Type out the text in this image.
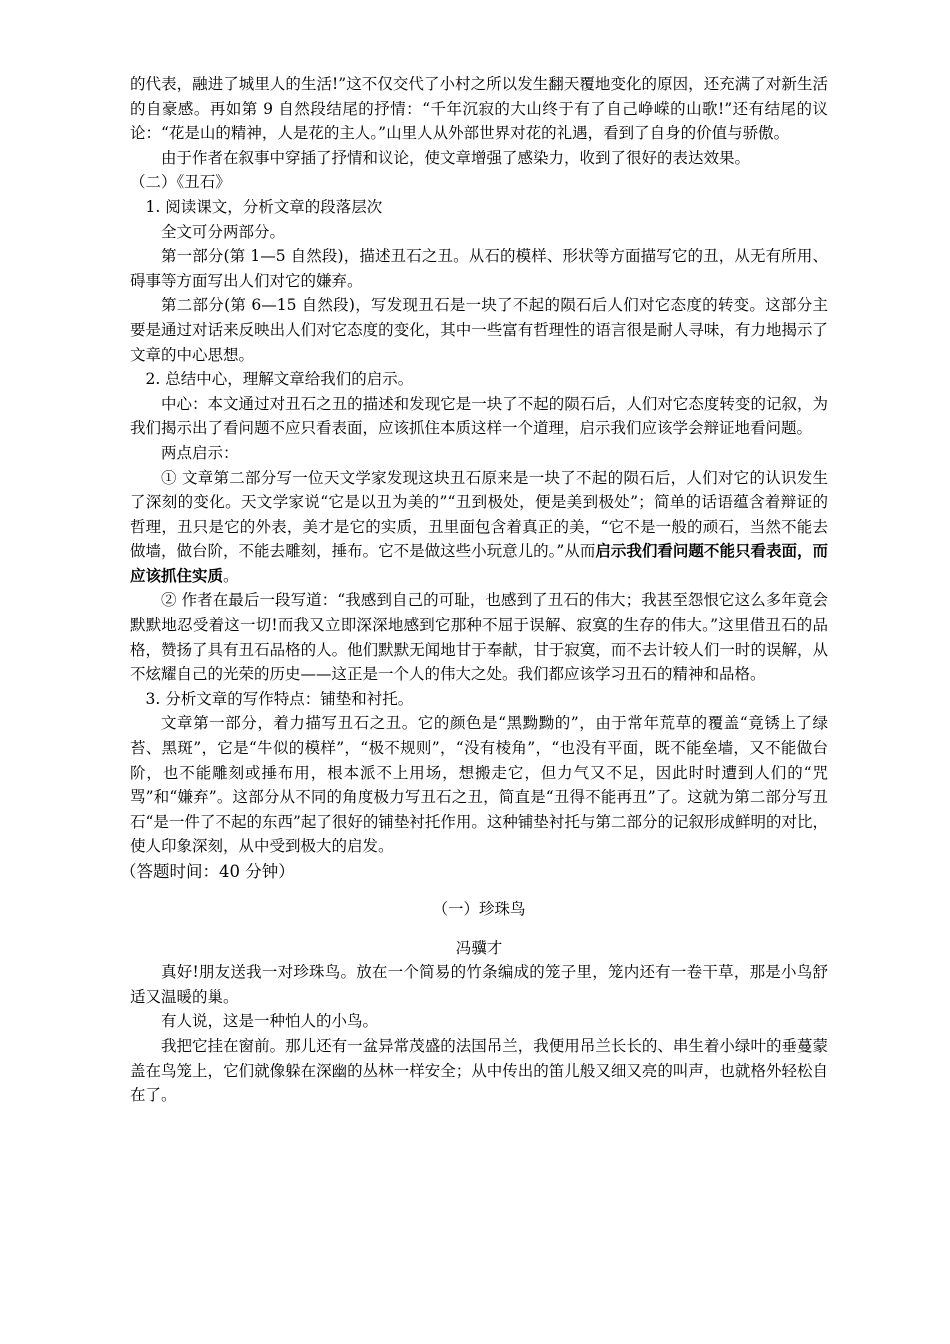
的代表，融进了城里人的生活!”这不仅交代了小村之所以发生翻天覆地变化的原因，还充满了对新生活的自豪感。再如第 9 自然段结尾的抒情：“千年沉寂的大山终于有了自己峥嵘的山歌!”还有结尾的议论：“花是山的精神，人是花的主人。”山里人从外部世界对花的礼遇，看到了自身的价值与骄傲。

由于作者在叙事中穿插了抒情和议论，使文章增强了感染力，收到了很好的表达效果。

（二）《丑石》

1. 阅读课文，分析文章的段落层次

全文可分两部分。

第一部分(第 1—5 自然段)，描述丑石之丑。从石的模样、形状等方面描写它的丑，从无有所用、碍事等方面写出人们对它的嫌弃。

第二部分(第 6—15 自然段)，写发现丑石是一块了不起的陨石后人们对它态度的转变。这部分主要是通过对话来反映出人们对它态度的变化，其中一些富有哲理性的语言很是耐人寻味，有力地揭示了文章的中心思想。

2. 总结中心，理解文章给我们的启示。

中心：本文通过对丑石之丑的描述和发现它是一块了不起的陨石后，人们对它态度转变的记叙，为我们揭示出了看问题不应只看表面，应该抓住本质这样一个道理，启示我们应该学会辩证地看问题。

两点启示：

① 文章第二部分写一位天文学家发现这块丑石原来是一块了不起的陨石后，人们对它的认识发生了深刻的变化。天文学家说“它是以丑为美的”“丑到极处，便是美到极处”；简单的话语蕴含着辩证的哲理，丑只是它的外表，美才是它的实质，丑里面包含着真正的美，“它不是一般的顽石，当然不能去做墙，做台阶，不能去雕刻，捶布。它不是做这些小玩意儿的。”从而启示我们看问题不能只看表面，而应该抓住实质。

② 作者在最后一段写道：“我感到自己的可耻，也感到了丑石的伟大；我甚至怨恨它这么多年竟会默默地忍受着这一切!而我又立即深深地感到它那种不屈于误解、寂寞的生存的伟大。”这里借丑石的品格，赞扬了具有丑石品格的人。他们默默无闻地甘于奉献，甘于寂寞，而不去计较人们一时的误解，从不炫耀自己的光荣的历史——这正是一个人的伟大之处。我们都应该学习丑石的精神和品格。

3. 分析文章的写作特点：铺垫和衬托。

文章第一部分，着力描写丑石之丑。它的颜色是“黑黝黝的”，由于常年荒草的覆盖“竟锈上了绿苔、黑斑”，它是“牛似的模样”，“极不规则”，“没有棱角”，“也没有平面，既不能垒墙，又不能做台阶，也不能雕刻或捶布用，根本派不上用场，想搬走它，但力气又不足，因此时时遭到人们的“咒骂”和“嫌弃”。这部分从不同的角度极力写丑石之丑，简直是“丑得不能再丑”了。这就为第二部分写丑石“是一件了不起的东西”起了很好的铺垫衬托作用。这种铺垫衬托与第二部分的记叙形成鲜明的对比，使人印象深刻，从中受到极大的启发。

（答题时间：40 分钟）

（一）珍珠鸟

冯骥才

真好!朋友送我一对珍珠鸟。放在一个简易的竹条编成的笼子里，笼内还有一卷干草，那是小鸟舒适又温暖的巢。

有人说，这是一种怕人的小鸟。

我把它挂在窗前。那儿还有一盆异常茂盛的法国吊兰，我便用吊兰长长的、串生着小绿叶的垂蔓蒙盖在鸟笼上，它们就像躲在深幽的丛林一样安全；从中传出的笛儿般又细又亮的叫声，也就格外轻松自在了。
